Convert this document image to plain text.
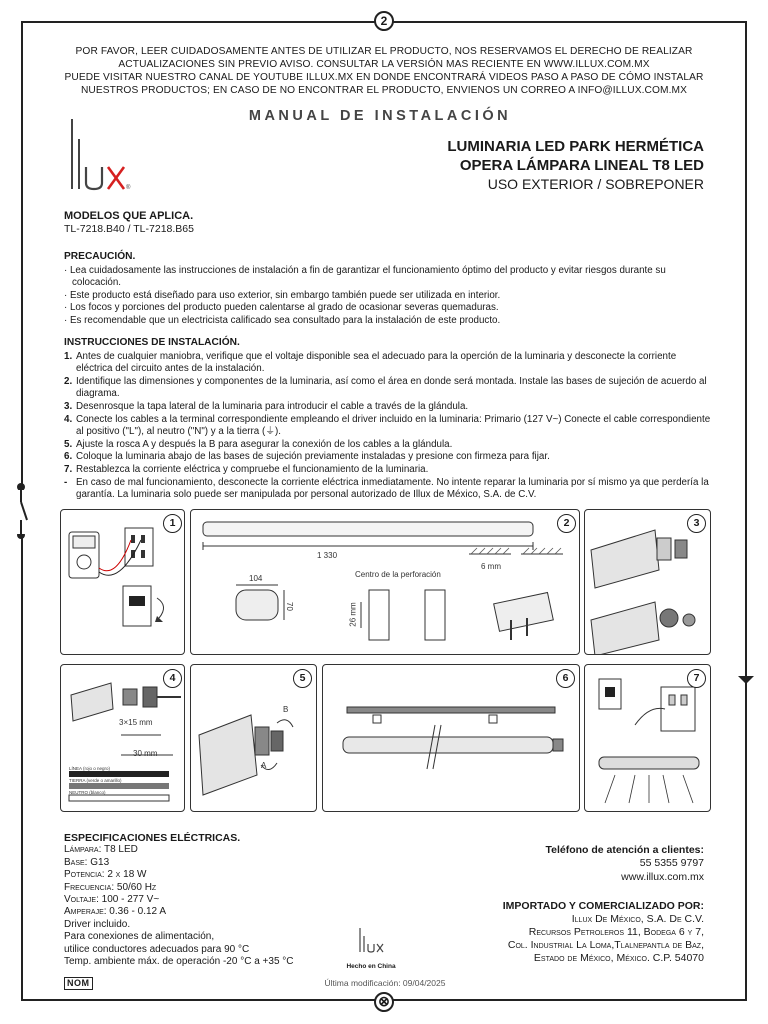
2
⊗
POR FAVOR, LEER CUIDADOSAMENTE ANTES DE UTILIZAR EL PRODUCTO, NOS RESERVAMOS EL DERECHO DE REALIZAR
ACTUALIZACIONES SIN PREVIO AVISO. CONSULTAR LA VERSIÓN MAS RECIENTE EN WWW.ILLUX.COM.MX
PUEDE VISITAR NUESTRO CANAL DE YOUTUBE ILLUX.MX EN DONDE ENCONTRARÁ VIDEOS PASO A PASO DE CÓMO INSTALAR
NUESTROS PRODUCTOS; EN CASO DE NO ENCONTRAR EL PRODUCTO, ENVIENOS UN CORREO A INFO@ILLUX.COM.MX
MANUAL DE INSTALACIÓN
®
LUMINARIA LED PARK HERMÉTICA
OPERA LÁMPARA LINEAL T8 LED
USO EXTERIOR / SOBREPONER
MODELOS QUE APLICA.
TL-7218.B40 / TL-7218.B65
PRECAUCIÓN.
· Lea cuidadosamente las instrucciones de instalación a fin de garantizar el funcionamiento óptimo del producto y evitar riesgos durante su colocación.
· Este producto está diseñado para uso exterior, sin embargo también puede ser utilizada en interior.
· Los focos y porciones del producto pueden calentarse al grado de ocasionar severas quemaduras.
· Es recomendable que un electricista calificado sea consultado para la instalación de este producto.
INSTRUCCIONES DE INSTALACIÓN.
1. Antes de cualquier maniobra, verifique que el voltaje disponible sea el adecuado para la operción de la luminaria y desconecte la corriente eléctrica del circuito antes de la instalación.
2. Identifique las dimensiones y componentes de la luminaria, así como el área en donde será montada. Instale las bases de sujeción de acuerdo al diagrama.
3. Desenrosque la tapa lateral de la luminaria para introducir el cable a través de la glándula.
4. Conecte los cables a la terminal correspondiente empleando el driver incluido en la luminaria: Primario (127 V~) Conecte el cable correspondiente al positivo ("L"), al neutro ("N") y a la tierra (⏚).
5. Ajuste la rosca A y después la B para asegurar la conexión de los cables a la glándula.
6. Coloque la luminaria abajo de las bases de sujeción previamente instaladas y presione con firmeza para fijar.
7. Restablezca la corriente eléctrica y compruebe el funcionamiento de la luminaria.
- En caso de mal funcionamiento, desconecte la corriente eléctrica inmediatamente. No intente reparar la luminaria por sí mismo ya que perdería la garantía. La luminaria solo puede ser manipulada por personal autorizado de Illux de México, S.A. de C.V.
1	2
1 330
104
70
Centro de la perforación
26 mm
6 mm
3
4
3×15 mm
30 mm
LÍNEA (rojo o negro)
TIERRA (verde o amarillo)
NEUTRO (blanco)
5
A
B
6	7
ESPECIFICACIONES ELÉCTRICAS.
Lámpara: T8 LED
Base: G13
Potencia: 2 x 18 W
Frecuencia: 50/60 Hz
Voltaje: 100 - 277 V~
Amperaje: 0.36 - 0.12 A
Driver incluido.
Para conexiones de alimentación,
utilice conductores adecuados para 90 °C
Temp. ambiente máx. de operación -20 °C a +35 °C
Teléfono de atención a clientes:
55 5355 9797
www.illux.com.mx
IMPORTADO Y COMERCIALIZADO POR:
Illux De México, S.A. De C.V.
Recursos Petroleros 11, Bodega 6 y 7,
Col. Industrial La Loma,Tlalnepantla de Baz,
Estado de México, México. C.P. 54070
Hecho en China
Última modificación: 09/04/2025
NOM
